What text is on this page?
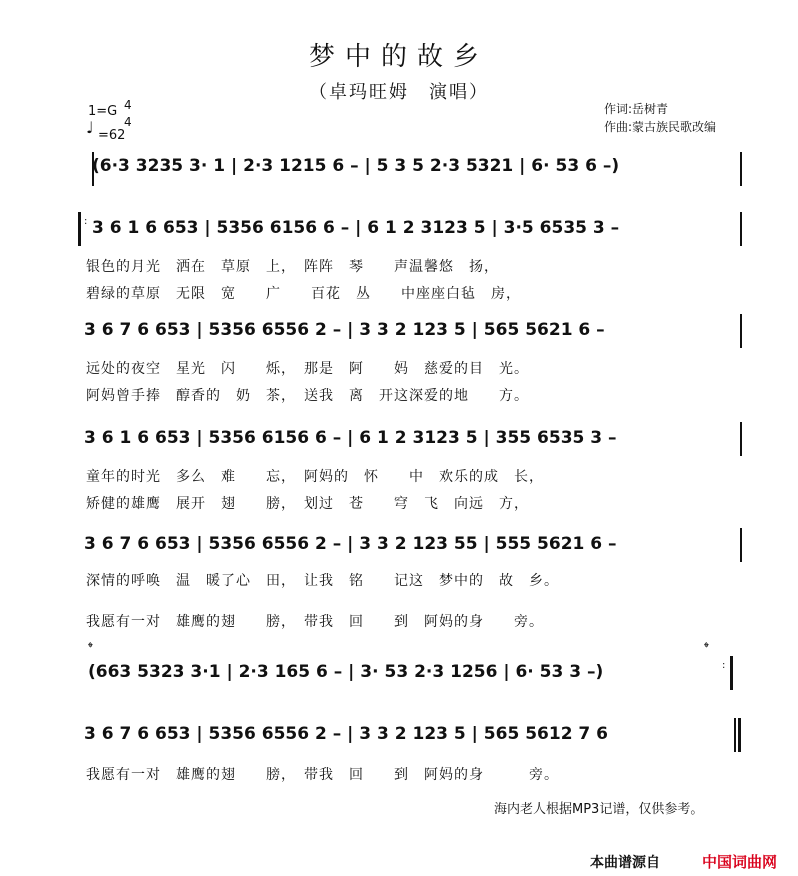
梦中的故乡
（卓玛旺姆　演唱）
1=G 4
4
♩ =62
作词:岳树青
作曲:蒙古族民歌改编
(6·3 3235 3· 1 | 2·3 1215 6 – | 5 3 5 2·3 5321 | 6· 53 6 –)
: 3 6 1 6 653 | 5356 6156 6 – | 6 1 2 3123 5 | 3·5 6535 3 –
银色的月光　洒在　草原　上，　阵阵　琴　　声温馨悠　扬，
碧绿的草原　无限　宽　　广　　百花　丛　　中座座白毡　房，
3 6 7 6 653 | 5356 6556 2 – | 3 3 2 123 5 | 565 5621 6 –
远处的夜空　星光　闪　　烁，　那是　阿　　妈　慈爱的目　光。
阿妈曾手捧　醇香的　奶　茶，　送我　离　开这深爱的地　　方。
3 6 1 6 653 | 5356 6156 6 – | 6 1 2 3123 5 | 355 6535 3 –
童年的时光　多么　难　　忘，　阿妈的　怀　　中　欢乐的成　长，
矫健的雄鹰　展开　翅　　膀，　划过　苍　　穹　飞　向远　方，
3 6 7 6 653 | 5356 6556 2 – | 3 3 2 123 55 | 555 5621 6 –
深情的呼唤　温　暖了心　田，　让我　铭　　记这　梦中的　故　乡。
我愿有一对　雄鹰的翅　　膀，　带我　回　　到　阿妈的身　　旁。
𝄌	𝄌
(663 5323 3·1 | 2·3 165 6 – | 3· 53 2·3 1256 | 6· 53 3 –)	:
3 6 7 6 653 | 5356 6556 2 – | 3 3 2 123 5 | 565 5612 7 6
我愿有一对　雄鹰的翅　　膀，　带我　回　　到　阿妈的身　　　旁。
海内老人根据MP3记谱，仅供参考。
本曲谱源自	中国词曲网
